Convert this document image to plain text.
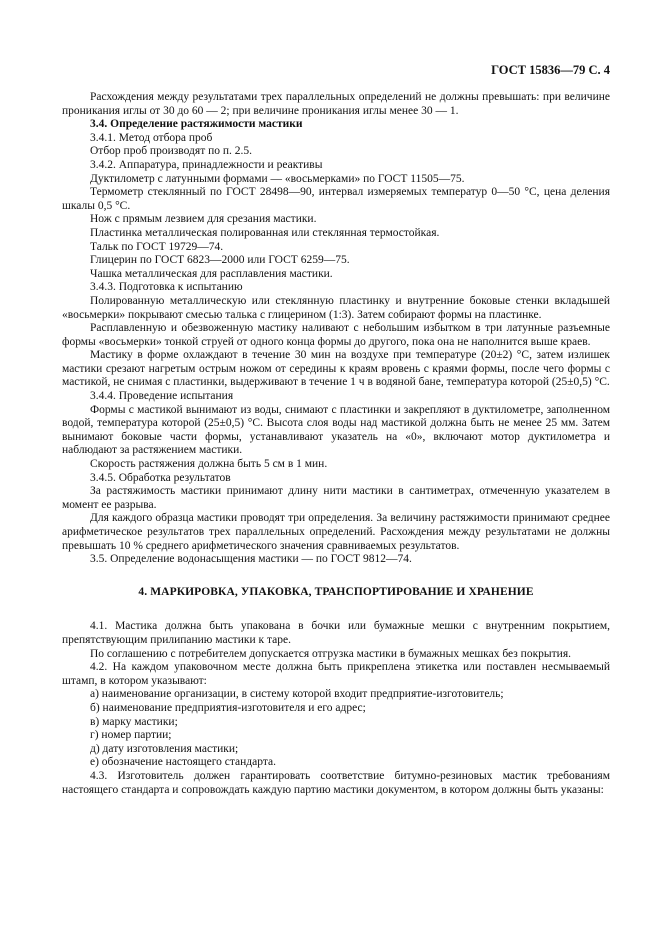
ГОСТ 15836—79 С. 4

Расхождения между результатами трех параллельных определений не должны превышать: при величине проникания иглы от 30 до 60 — 2; при величине проникания иглы менее 30 — 1.

3.4. Определение растяжимости мастики

3.4.1. Метод отбора проб

Отбор проб производят по п. 2.5.

3.4.2. Аппаратура, принадлежности и реактивы

Дуктилометр с латунными формами — «восьмерками» по ГОСТ 11505—75.

Термометр стеклянный по ГОСТ 28498—90, интервал измеряемых температур 0—50 °С, цена деления шкалы 0,5 °С.

Нож с прямым лезвием для срезания мастики.

Пластинка металлическая полированная или стеклянная термостойкая.

Тальк по ГОСТ 19729—74.

Глицерин по ГОСТ 6823—2000 или ГОСТ 6259—75.

Чашка металлическая для расплавления мастики.

3.4.3. Подготовка к испытанию

Полированную металлическую или стеклянную пластинку и внутренние боковые стенки вкладышей «восьмерки» покрывают смесью талька с глицерином (1:3). Затем собирают формы на пластинке.

Расплавленную и обезвоженную мастику наливают с небольшим избытком в три латунные разъемные формы «восьмерки» тонкой струей от одного конца формы до другого, пока она не наполнится выше краев.

Мастику в форме охлаждают в течение 30 мин на воздухе при температуре (20±2) °С, затем излишек мастики срезают нагретым острым ножом от середины к краям вровень с краями формы, после чего формы с мастикой, не снимая с пластинки, выдерживают в течение 1 ч в водяной бане, температура которой (25±0,5) °С.

3.4.4. Проведение испытания

Формы с мастикой вынимают из воды, снимают с пластинки и закрепляют в дуктилометре, заполненном водой, температура которой (25±0,5) °С. Высота слоя воды над мастикой должна быть не менее 25 мм. Затем вынимают боковые части формы, устанавливают указатель на «0», включают мотор дуктилометра и наблюдают за растяжением мастики.

Скорость растяжения должна быть 5 см в 1 мин.

3.4.5. Обработка результатов

За растяжимость мастики принимают длину нити мастики в сантиметрах, отмеченную указателем в момент ее разрыва.

Для каждого образца мастики проводят три определения. За величину растяжимости принимают среднее арифметическое результатов трех параллельных определений. Расхождения между результатами не должны превышать 10 % среднего арифметического значения сравниваемых результатов.

3.5. Определение водонасыщения мастики — по ГОСТ 9812—74.

4. МАРКИРОВКА, УПАКОВКА, ТРАНСПОРТИРОВАНИЕ И ХРАНЕНИЕ

4.1. Мастика должна быть упакована в бочки или бумажные мешки с внутренним покрытием, препятствующим прилипанию мастики к таре.

По соглашению с потребителем допускается отгрузка мастики в бумажных мешках без покрытия.

4.2. На каждом упаковочном месте должна быть прикреплена этикетка или поставлен несмываемый штамп, в котором указывают:

а) наименование организации, в систему которой входит предприятие-изготовитель;

б) наименование предприятия-изготовителя и его адрес;

в) марку мастики;

г) номер партии;

д) дату изготовления мастики;

е) обозначение настоящего стандарта.

4.3. Изготовитель должен гарантировать соответствие битумно-резиновых мастик требованиям настоящего стандарта и сопровождать каждую партию мастики документом, в котором должны быть указаны:
